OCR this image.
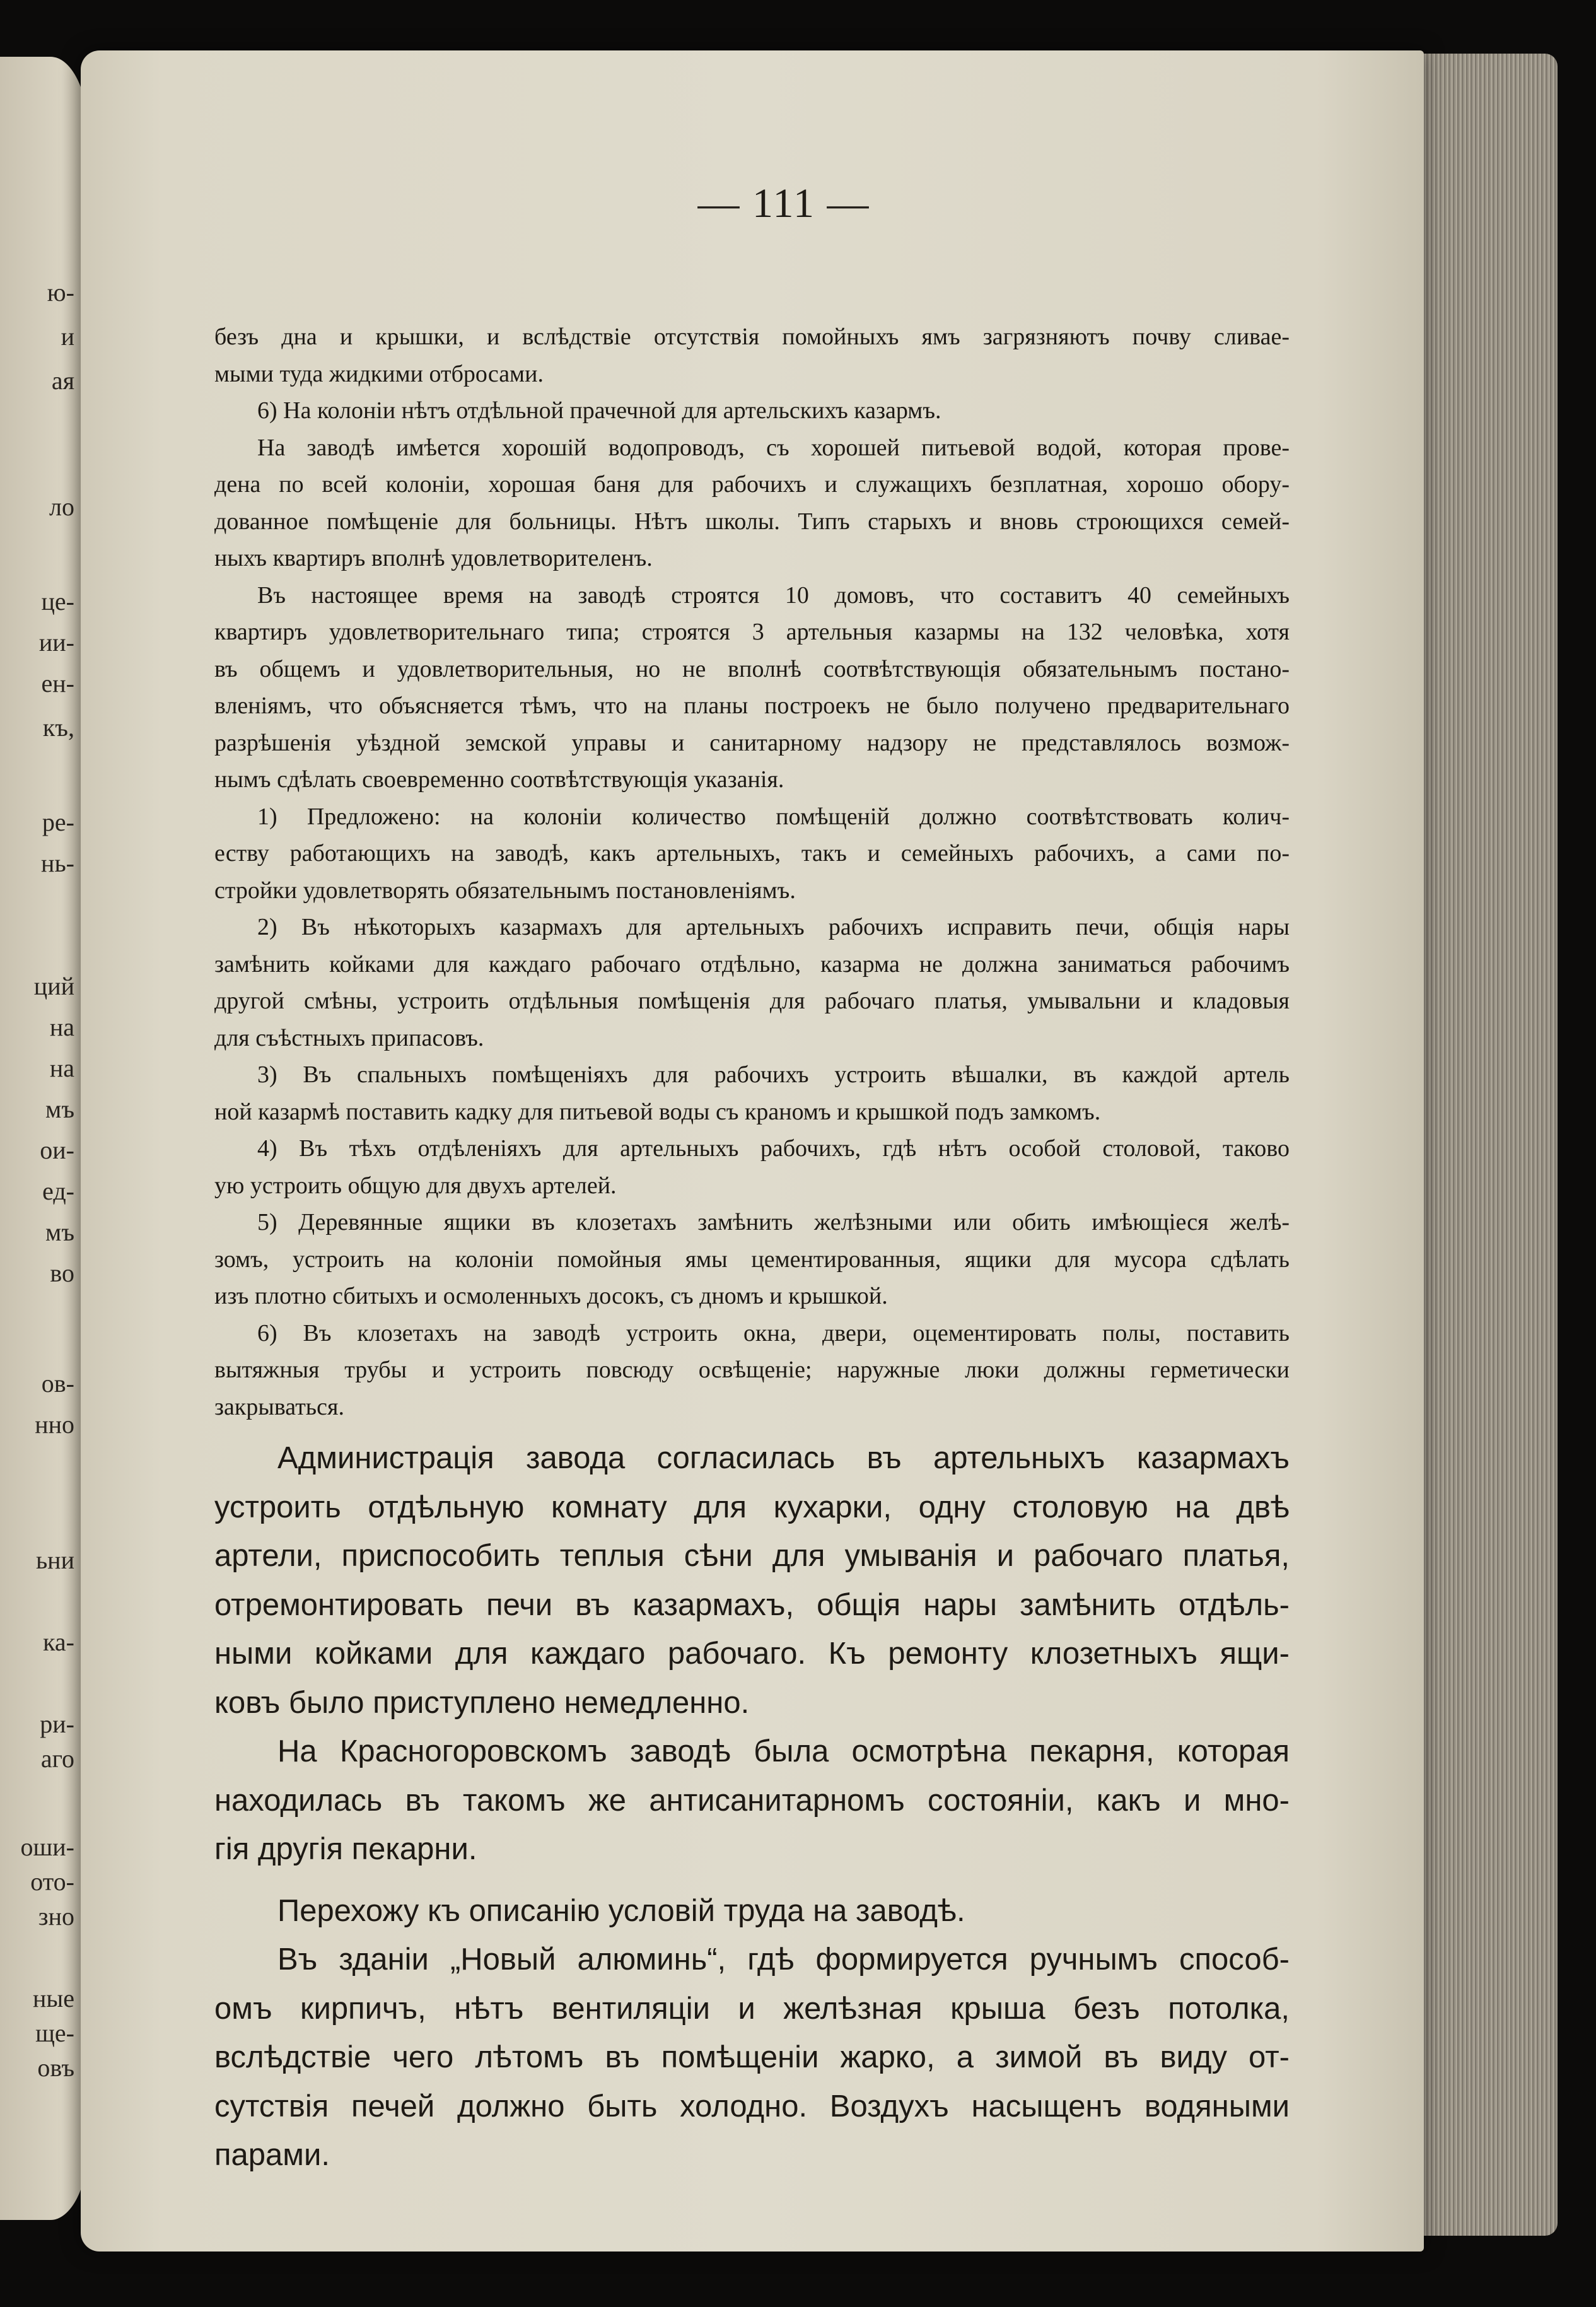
ю-
и
ая
ло
це-
ии-
ен-
къ,
ре-
нь-
ций
на
на
мъ
ои-
ед-
мъ
во
ов-
нно
ьни
ка-
ри-
аго
оши-
ото-
зно
ные
ще-
овъ
— 111 —

безъ дна и крышки, и вслѣдствіе отсутствія помойныхъ ямъ загрязняютъ почву сливае-

мыми туда жидкими отбросами.

6) На колоніи нѣтъ отдѣльной прачечной для артельскихъ казармъ.

На заводѣ имѣется хорошій водопроводъ, съ хорошей питьевой водой, которая прове-

дена по всей колоніи, хорошая баня для рабочихъ и служащихъ безплатная, хорошо обору-

дованное помѣщеніе для больницы. Нѣтъ школы. Типъ старыхъ и вновь строющихся семей-

ныхъ квартиръ вполнѣ удовлетворителенъ.

Въ настоящее время на заводѣ строятся 10 домовъ, что составитъ 40 семейныхъ

квартиръ удовлетворительнаго типа; строятся 3 артельныя казармы на 132 человѣка, хотя

въ общемъ и удовлетворительныя, но не вполнѣ соотвѣтствующія обязательнымъ постано-

вленіямъ, что объясняется тѣмъ, что на планы построекъ не было получено предварительнаго

разрѣшенія уѣздной земской управы и санитарному надзору не представлялось возмож-

нымъ сдѣлать своевременно соотвѣтствующія указанія.

1) Предложено: на колоніи количество помѣщеній должно соотвѣтствовать колич-

еству работающихъ на заводѣ, какъ артельныхъ, такъ и семейныхъ рабочихъ, а сами по-

стройки удовлетворять обязательнымъ постановленіямъ.

2) Въ нѣкоторыхъ казармахъ для артельныхъ рабочихъ исправить печи, общія нары

замѣнить койками для каждаго рабочаго отдѣльно, казарма не должна заниматься рабочимъ

другой смѣны, устроить отдѣльныя помѣщенія для рабочаго платья, умывальни и кладовыя

для съѣстныхъ припасовъ.

3) Въ спальныхъ помѣщеніяхъ для рабочихъ устроить вѣшалки, въ каждой артель

ной казармѣ поставить кадку для питьевой воды съ краномъ и крышкой подъ замкомъ.

4) Въ тѣхъ отдѣленіяхъ для артельныхъ рабочихъ, гдѣ нѣтъ особой столовой, таково

ую устроить общую для двухъ артелей.

5) Деревянные ящики въ клозетахъ замѣнить желѣзными или обить имѣющіеся желѣ-

зомъ, устроить на колоніи помойныя ямы цементированныя, ящики для мусора сдѣлать

изъ плотно сбитыхъ и осмоленныхъ досокъ, съ дномъ и крышкой.

6) Въ клозетахъ на заводѣ устроить окна, двери, оцементировать полы, поставить

вытяжныя трубы и устроить повсюду освѣщеніе; наружные люки должны герметически

закрываться.

Администрація завода согласилась въ артельныхъ казармахъ

устроить отдѣльную комнату для кухарки, одну столовую на двѣ

артели, приспособить теплыя сѣни для умыванія и рабочаго платья,

отремонтировать печи въ казармахъ, общія нары замѣнить отдѣль-

ными койками для каждаго рабочаго. Къ ремонту клозетныхъ ящи-

ковъ было приступлено немедленно.

На Красногоровскомъ заводѣ была осмотрѣна пекарня, которая

находилась въ такомъ же антисанитарномъ состояніи, какъ и мно-

гія другія пекарни.

Перехожу къ описанію условій труда на заводѣ.

Въ зданіи „Новый алюминь“, гдѣ формируется ручнымъ способ-

омъ кирпичъ, нѣтъ вентиляціи и желѣзная крыша безъ потолка,

вслѣдствіе чего лѣтомъ въ помѣщеніи жарко, а зимой въ виду от-

сутствія печей должно быть холодно. Воздухъ насыщенъ водяными

парами.
